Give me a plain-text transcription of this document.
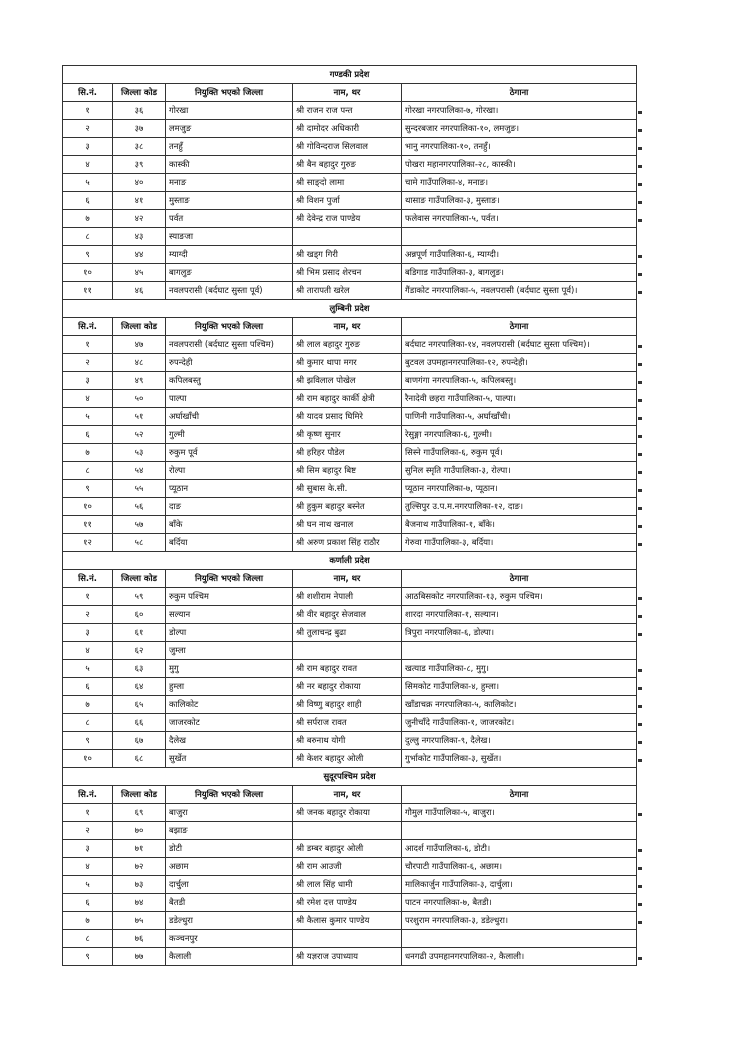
गण्डकी प्रदेश				
सि.नं.	जिल्ला कोड	नियुक्ति भएको जिल्ला	नाम, थर	ठेगाना
१	३६	गोरखा	श्री राजन राज पन्त	गोरखा नगरपालिका-७, गोरखा।
२	३७	लमजुङ	श्री दामोदर अधिकारी	सुन्दरबजार नगरपालिका-१०, लमजुङ।
३	३८	तनहुँ	श्री गोविन्दराज सिलवाल	भानु नगरपालिका-१०, तनहुँ।
४	३९	कास्की	श्री बैन बहादुर गुरुङ	पोखरा महानगरपालिका-२८, कास्की।
५	४०	मनाङ	श्री साङ्दो लामा	चामे गाउँपालिका-४, मनाङ।
६	४१	मुस्ताङ	श्री विशन पुर्जा	थासाङ गाउँपालिका-३, मुस्ताङ।
७	४२	पर्वत	श्री देवेन्द्र राज पाण्डेय	फलेवास नगरपालिका-५, पर्वत।
८	४३	स्याङजा		
९	४४	म्याग्दी	श्री खड्ग गिरी	अन्नपूर्ण गाउँपालिका-६, म्याग्दी।
१०	४५	बागलुङ	श्री भिम प्रसाद शेरचन	बडिगाड गाउँपालिका-३, बागलुङ।
११	४६	नवलपरासी (बर्दघाट सुस्ता पूर्व)	श्री तारापती खरेल	गैंडाकोट नगरपालिका-५, नवलपरासी (बर्दघाट सुस्ता पूर्व)।
लुम्बिनी प्रदेश				
सि.नं.	जिल्ला कोड	नियुक्ति भएको जिल्ला	नाम, थर	ठेगाना
१	४७	नवलपरासी (बर्दघाट सुस्ता पश्चिम)	श्री लाल बहादुर गुरुङ	बर्दघाट नगरपालिका-१४, नवलपरासी (बर्दघाट सुस्ता पश्चिम)।
२	४८	रुपन्देही	श्री कुमार थापा मगर	बुटवल उपमहानगरपालिका-१२, रुपन्देही।
३	४९	कपिलबस्तु	श्री झविलाल पोखेल	बाणगंगा नगरपालिका-५, कपिलबस्तु।
४	५०	पाल्पा	श्री राम बहादुर कार्की क्षेत्री	रैनादेवी छहरा गाउँपालिका-५, पाल्पा।
५	५१	अर्घाखाँची	श्री यादव प्रसाद घिमिरे	पाणिनी गाउँपालिका-५, अर्घाखाँची।
६	५२	गुल्मी	श्री कृष्ण सुनार	रेसुङ्गा नगरपालिका-६, गुल्मी।
७	५३	रुकुम पूर्व	श्री हरिहर पौडेल	सिस्ने गाउँपालिका-६, रुकुम पूर्व।
८	५४	रोल्पा	श्री सिम बहादुर बिष्ट	सुनिल स्मृति गाउँपालिका-३, रोल्पा।
९	५५	प्यूठान	श्री सुबास के.सी.	प्यूठान नगरपालिका-७, प्यूठान।
१०	५६	दाङ	श्री हुकुम बहादुर बस्नेत	तुल्सिपुर उ.प.म.नगरपालिका-१२, दाङ।
११	५७	बाँके	श्री घन नाथ खनाल	बैजनाथ गाउँपालिका-१, बाँके।
१२	५८	बर्दिया	श्री अरुण प्रकाश सिंह राठौर	गेरुवा गाउँपालिका-३, बर्दिया।
कर्णाली प्रदेश				
सि.नं.	जिल्ला कोड	नियुक्ति भएको जिल्ला	नाम, थर	ठेगाना
१	५९	रुकुम पश्चिम	श्री शशीराम नेपाली	आठबिसकोट नगरपालिका-१३, रुकुम पश्चिम।
२	६०	सल्यान	श्री वीर बहादुर सेजवाल	शारदा नगरपालिका-१, सल्यान।
३	६१	डोल्पा	श्री तुलाचन्द्र बुढा	त्रिपुरा नगरपालिका-६, डोल्पा।
४	६२	जुम्ला		
५	६३	मुगु	श्री राम बहादुर रावत	खत्याड गाउँपालिका-८, मुगु।
६	६४	हुम्ला	श्री नर बहादुर रोकाया	सिमकोट गाउँपालिका-४, हुम्ला।
७	६५	कालिकोट	श्री विष्णु बहादुर शाही	खाँडाचक्र नगरपालिका-५, कालिकोट।
८	६६	जाजरकोट	श्री सर्पराज रावत	जुनीचाँदे गाउँपालिका-१, जाजरकोट।
९	६७	दैलेख	श्री बरुनाथ योगी	दुल्लु नगरपालिका-९, दैलेख।
१०	६८	सुर्खेत	श्री केशर बहादुर ओली	गुर्भाकोट गाउँपालिका-३, सुर्खेत।
सुदूरपश्चिम प्रदेश				
सि.नं.	जिल्ला कोड	नियुक्ति भएको जिल्ला	नाम, थर	ठेगाना
१	६९	बाजुरा	श्री जनक बहादुर रोकाया	गौमुल गाउँपालिका-५, बाजुरा।
२	७०	बझाङ		
३	७१	डोटी	श्री डम्बर बहादुर ओली	आदर्श गाउँपालिका-६, डोटी।
४	७२	अछाम	श्री राम आउजी	चौरपाटी गाउँपालिका-६, अछाम।
५	७३	दार्चुला	श्री लाल सिंह धामी	मालिकार्जुन गाउँपालिका-३, दार्चुला।
६	७४	बैतडी	श्री रमेश दत्त पाण्डेय	पाटन नगरपालिका-७, बैतडी।
७	७५	डडेल्धुरा	श्री कैलास कुमार पाण्डेय	परशुराम नगरपालिका-३, डडेल्धुरा।
८	७६	कञ्चनपुर		
९	७७	कैलाली	श्री यज्ञराज उपाध्याय	धनगढी उपमहानगरपालिका-२, कैलाली।
